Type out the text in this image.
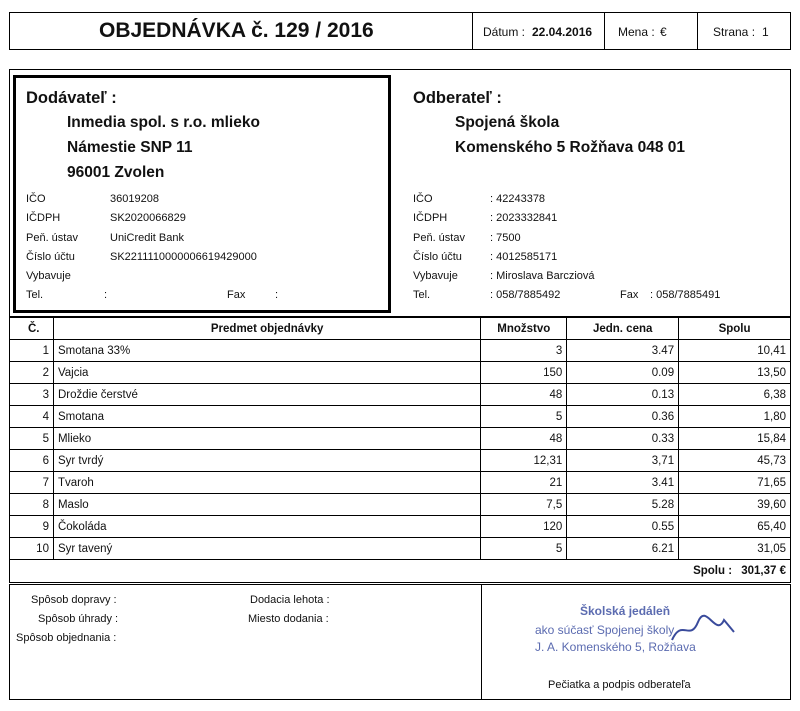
OBJEDNÁVKA č. 129 / 2016	Dátum : 22.04.2016 Mena : €	Strana : 1
Dodávateľ :
Inmedia spol. s r.o. mlieko
Námestie SNP 11
96001 Zvolen
IČO	36019208
IČDPH	SK2020066829
Peň. ústav	UniCredit Bank
Číslo účtu	SK2211110000006619429000
Vybavuje
Tel.	:	Fax	:
Odberateľ :
Spojená škola
Komenského 5 Rožňava 048 01
IČO	: 42243378
IČDPH	: 2023332841
Peň. ústav : 7500
Číslo účtu	: 4012585171
Vybavuje	: Miroslava Barcziová
Tel.	: 058/7885492	Fax : 058/7885491
Č.	Predmet objednávky	Množstvo	Jedn. cena	Spolu
1	Smotana 33%	3	3.47	10,41
2	Vajcia	150	0.09	13,50
3	Droždie čerstvé	48	0.13	6,38
4	Smotana	5	0.36	1,80
5	Mlieko	48	0.33	15,84
6	Syr tvrdý	12,31	3,71	45,73
7	Tvaroh	21	3.41	71,65
8	Maslo	7,5	5.28	39,60
9	Čokoláda	120	0.55	65,40
10	Syr tavený	5	6.21	31,05
Spolu : 301,37 €				
Spôsob dopravy :
Spôsob úhrady :
Spôsob objednania :
Dodacia lehota :
Miesto dodania :
Školská jedáleň
ako súčasť Spojenej školy
J. A. Komenského 5, Rožňava
Pečiatka a podpis odberateľa
